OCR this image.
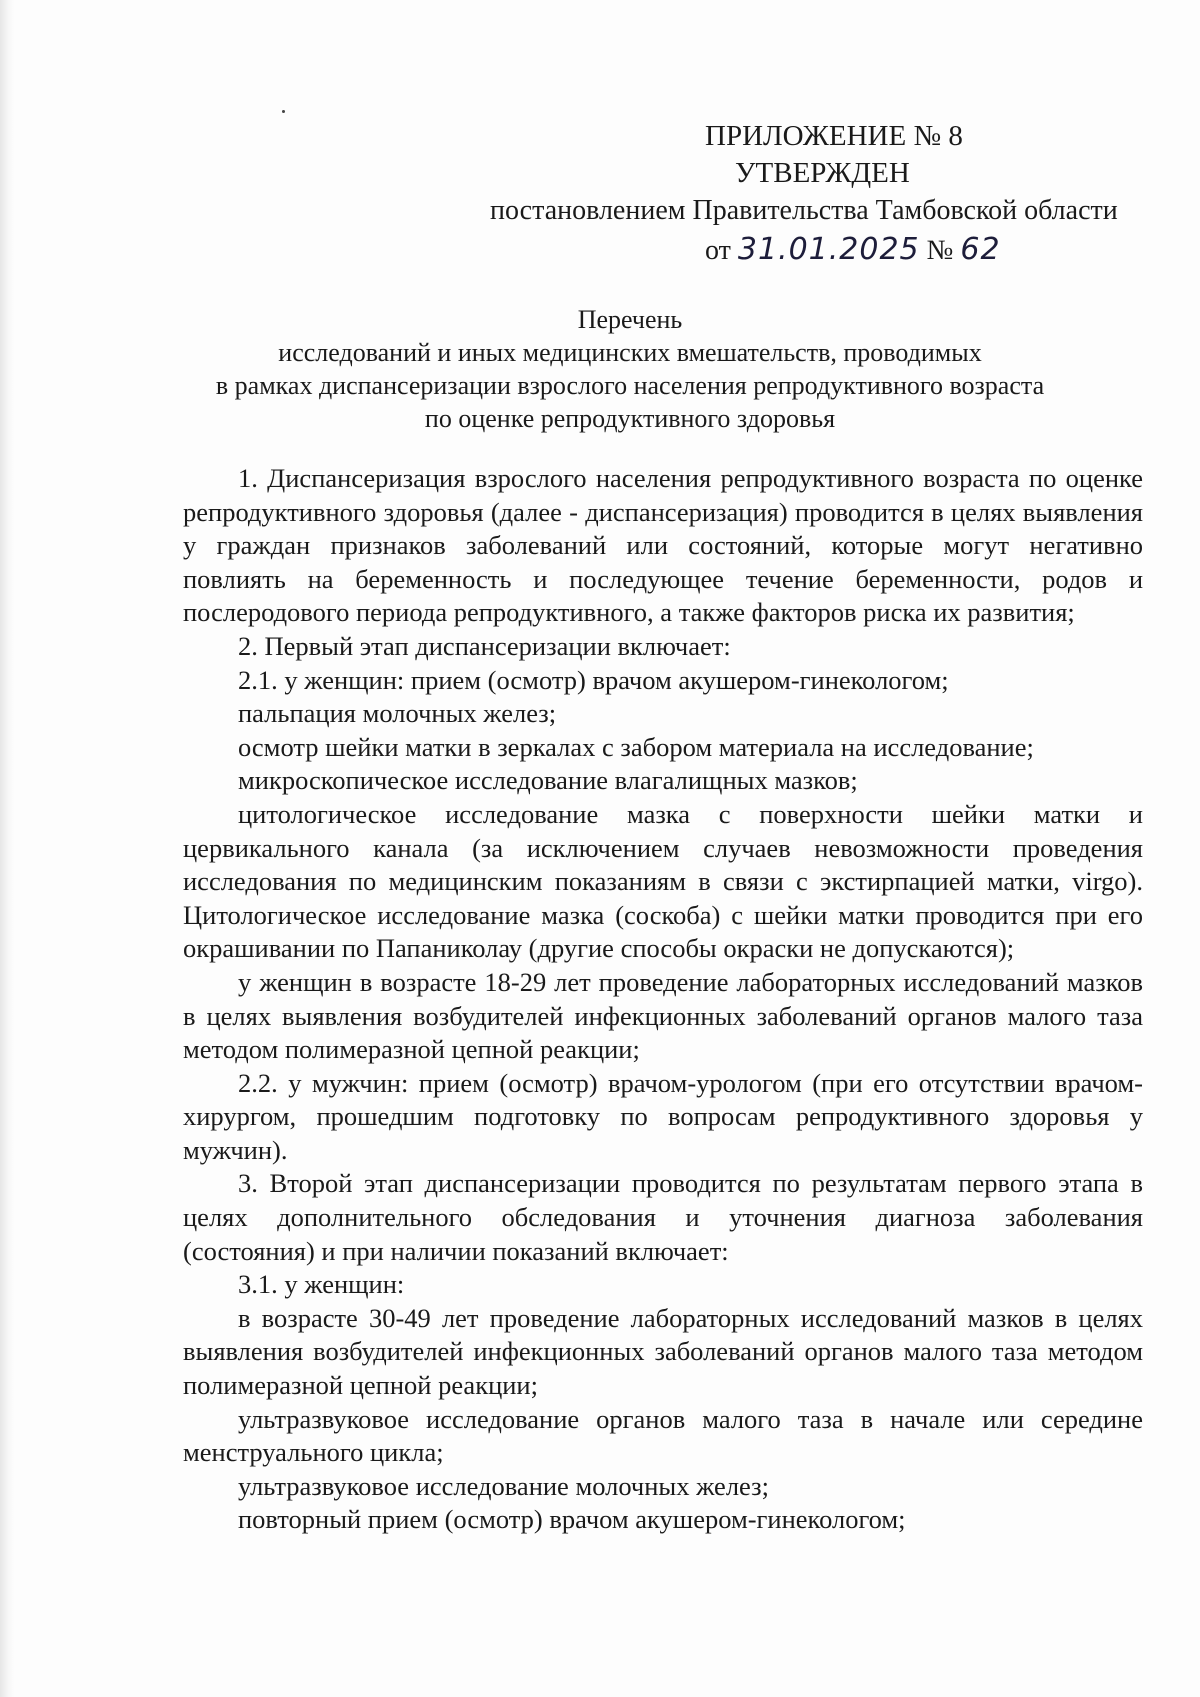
ПРИЛОЖЕНИЕ № 8
УТВЕРЖДЕН
постановлением Правительства Тамбовской области
от 31.01.2025 № 62
Перечень
исследований и иных медицинских вмешательств, проводимых
в рамках диспансеризации взрослого населения репродуктивного возраста
по оценке репродуктивного здоровья

1. Диспансеризация взрослого населения репродуктивного возраста по оценке репродуктивного здоровья (далее - диспансеризация) проводится в целях выявления у граждан признаков заболеваний или состояний, которые могут негативно повлиять на беременность и последующее течение беременности, родов и послеродового периода репродуктивного, а также факторов риска их развития;

2. Первый этап диспансеризации включает:

2.1. у женщин: прием (осмотр) врачом акушером-гинекологом;

пальпация молочных желез;

осмотр шейки матки в зеркалах с забором материала на исследование;

микроскопическое исследование влагалищных мазков;

цитологическое исследование мазка с поверхности шейки матки и цервикального канала (за исключением случаев невозможности проведения исследования по медицинским показаниям в связи с экстирпацией матки, virgo). Цитологическое исследование мазка (соскоба) с шейки матки проводится при его окрашивании по Папаниколау (другие способы окраски не допускаются);

у женщин в возрасте 18-29 лет проведение лабораторных исследований мазков в целях выявления возбудителей инфекционных заболеваний органов малого таза методом полимеразной цепной реакции;

2.2. у мужчин: прием (осмотр) врачом-урологом (при его отсутствии врачом-хирургом, прошедшим подготовку по вопросам репродуктивного здоровья у мужчин).

3. Второй этап диспансеризации проводится по результатам первого этапа в целях дополнительного обследования и уточнения диагноза заболевания (состояния) и при наличии показаний включает:

3.1. у женщин:

в возрасте 30-49 лет проведение лабораторных исследований мазков в целях выявления возбудителей инфекционных заболеваний органов малого таза методом полимеразной цепной реакции;

ультразвуковое исследование органов малого таза в начале или середине менструального цикла;

ультразвуковое исследование молочных желез;

повторный прием (осмотр) врачом акушером-гинекологом;
